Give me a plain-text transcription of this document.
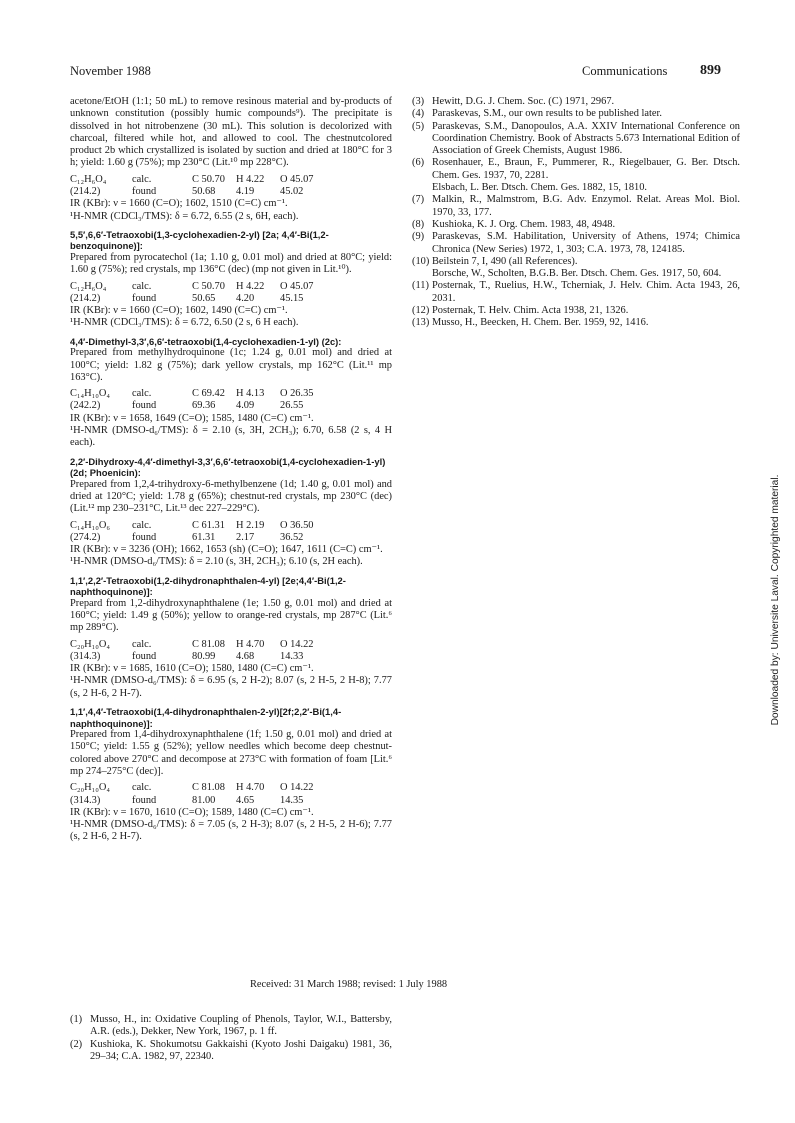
November 1988	Communications 899

acetone/EtOH (1:1; 50 mL) to remove resinous material and by-products of unknown constitution (possibly humic compounds⁹). The precipitate is dissolved in hot nitrobenzene (30 mL). This solution is decolorized with charcoal, filtered while hot, and allowed to cool. The chestnutcolored product 2b which crystallized is isolated by suction and dried at 180°C for 3 h; yield: 1.60 g (75%); mp 230°C (Lit.¹⁰ mp 228°C).

C₁₂H₆O₄	calc.	C 50.70	H 4.22	O 45.07
(214.2)	found	50.68	4.19	45.02

IR (KBr): ν = 1660 (C=O); 1602, 1510 (C=C) cm⁻¹.

¹H-NMR (CDCl₃/TMS): δ = 6.72, 6.55 (2 s, 6H, each).

5,5′,6,6′-Tetraoxobi(1,3-cyclohexadien-2-yl) [2a; 4,4′-Bi(1,2-benzoquinone)]:

Prepared from pyrocatechol (1a; 1.10 g, 0.01 mol) and dried at 80°C; yield: 1.60 g (75%); red crystals, mp 136°C (dec) (mp not given in Lit.¹⁰).

C₁₂H₆O₄	calc.	C 50.70	H 4.22	O 45.07
(214.2)	found	50.65	4.20	45.15

IR (KBr): ν = 1660 (C=O); 1602, 1490 (C=C) cm⁻¹.

¹H-NMR (CDCl₃/TMS): δ = 6.72, 6.50 (2 s, 6 H each).

4,4′-Dimethyl-3,3′,6,6′-tetraoxobi(1,4-cyclohexadien-1-yl) (2c):

Prepared from methylhydroquinone (1c; 1.24 g, 0.01 mol) and dried at 100°C; yield: 1.82 g (75%); dark yellow crystals, mp 162°C (Lit.¹¹ mp 163°C).

C₁₄H₁₀O₄	calc.	C 69.42	H 4.13	O 26.35
(242.2)	found	69.36	4.09	26.55

IR (KBr): ν = 1658, 1649 (C=O); 1585, 1480 (C=C) cm⁻¹.

¹H-NMR (DMSO-d₆/TMS): δ = 2.10 (s, 3H, 2CH₃); 6.70, 6.58 (2 s, 4 H each).

2,2′-Dihydroxy-4,4′-dimethyl-3,3′,6,6′-tetraoxobi(1,4-cyclohexadien-1-yl) (2d; Phoenicin):

Prepared from 1,2,4-trihydroxy-6-methylbenzene (1d; 1.40 g, 0.01 mol) and dried at 120°C; yield: 1.78 g (65%); chestnut-red crystals, mp 230°C (dec) (Lit.¹² mp 230–231°C, Lit.¹³ dec 227–229°C).

C₁₄H₁₀O₆	calc.	C 61.31	H 2.19	O 36.50
(274.2)	found	61.31	2.17	36.52

IR (KBr): ν = 3236 (OH); 1662, 1653 (sh) (C=O); 1647, 1611 (C=C) cm⁻¹.

¹H-NMR (DMSO-d₆/TMS): δ = 2.10 (s, 3H, 2CH₃); 6.10 (s, 2H each).

1,1′,2,2′-Tetraoxobi(1,2-dihydronaphthalen-4-yl) [2e;4,4′-Bi(1,2-naphthoquinone)]:

Prepard from 1,2-dihydroxynaphthalene (1e; 1.50 g, 0.01 mol) and dried at 160°C; yield: 1.49 g (50%); yellow to orange-red crystals, mp 287°C (Lit.⁶ mp 289°C).

C₂₀H₁₀O₄	calc.	C 81.08	H 4.70	O 14.22
(314.3)	found	80.99	4.68	14.33

IR (KBr): ν = 1685, 1610 (C=O); 1580, 1480 (C=C) cm⁻¹.

¹H-NMR (DMSO-d₆/TMS): δ = 6.95 (s, 2 H-2); 8.07 (s, 2 H-5, 2 H-8); 7.77 (s, 2 H-6, 2 H-7).

1,1′,4,4′-Tetraoxobi(1,4-dihydronaphthalen-2-yl)[2f;2,2′-Bi(1,4-naphthoquinone)]:

Prepared from 1,4-dihydroxynaphthalene (1f; 1.50 g, 0.01 mol) and dried at 150°C; yield: 1.55 g (52%); yellow needles which become deep chestnut-colored above 270°C and decompose at 273°C with formation of foam [Lit.⁶ mp 274–275°C (dec)].

C₂₀H₁₀O₄	calc.	C 81.08	H 4.70	O 14.22
(314.3)	found	81.00	4.65	14.35

IR (KBr): ν = 1670, 1610 (C=O); 1589, 1480 (C=C) cm⁻¹.

¹H-NMR (DMSO-d₆/TMS): δ = 7.05 (s, 2 H-3); 8.07 (s, 2 H-5, 2 H-6); 7.77 (s, 2 H-6, 2 H-7).

Received: 31 March 1988; revised: 1 July 1988
(1) Musso, H., in: Oxidative Coupling of Phenols, Taylor, W.I., Battersby, A.R. (eds.), Dekker, New York, 1967, p. 1 ff.
(2) Kushioka, K. Shokumotsu Gakkaishi (Kyoto Joshi Daigaku) 1981, 36, 29–34; C.A. 1982, 97, 22340.
(3) Hewitt, D.G. J. Chem. Soc. (C) 1971, 2967.
(4) Paraskevas, S.M., our own results to be published later.
(5) Paraskevas, S.M., Danopoulos, A.A. XXIV International Conference on Coordination Chemistry. Book of Abstracts 5.673 International Edition of Association of Greek Chemists, August 1986.
(6) Rosenhauer, E., Braun, F., Pummerer, R., Riegelbauer, G. Ber. Dtsch. Chem. Ges. 1937, 70, 2281.
Elsbach, L. Ber. Dtsch. Chem. Ges. 1882, 15, 1810.
(7) Malkin, R., Malmstrom, B.G. Adv. Enzymol. Relat. Areas Mol. Biol. 1970, 33, 177.
(8) Kushioka, K. J. Org. Chem. 1983, 48, 4948.
(9) Paraskevas, S.M. Habilitation, University of Athens, 1974; Chimica Chronica (New Series) 1972, 1, 303; C.A. 1973, 78, 124185.
(10) Beilstein 7, I, 490 (all References).
Borsche, W., Scholten, B.G.B. Ber. Dtsch. Chem. Ges. 1917, 50, 604.
(11) Posternak, T., Ruelius, H.W., Tcherniak, J. Helv. Chim. Acta 1943, 26, 2031.
(12) Posternak, T. Helv. Chim. Acta 1938, 21, 1326.
(13) Musso, H., Beecken, H. Chem. Ber. 1959, 92, 1416.
Downloaded by: Universite Laval. Copyrighted material.
